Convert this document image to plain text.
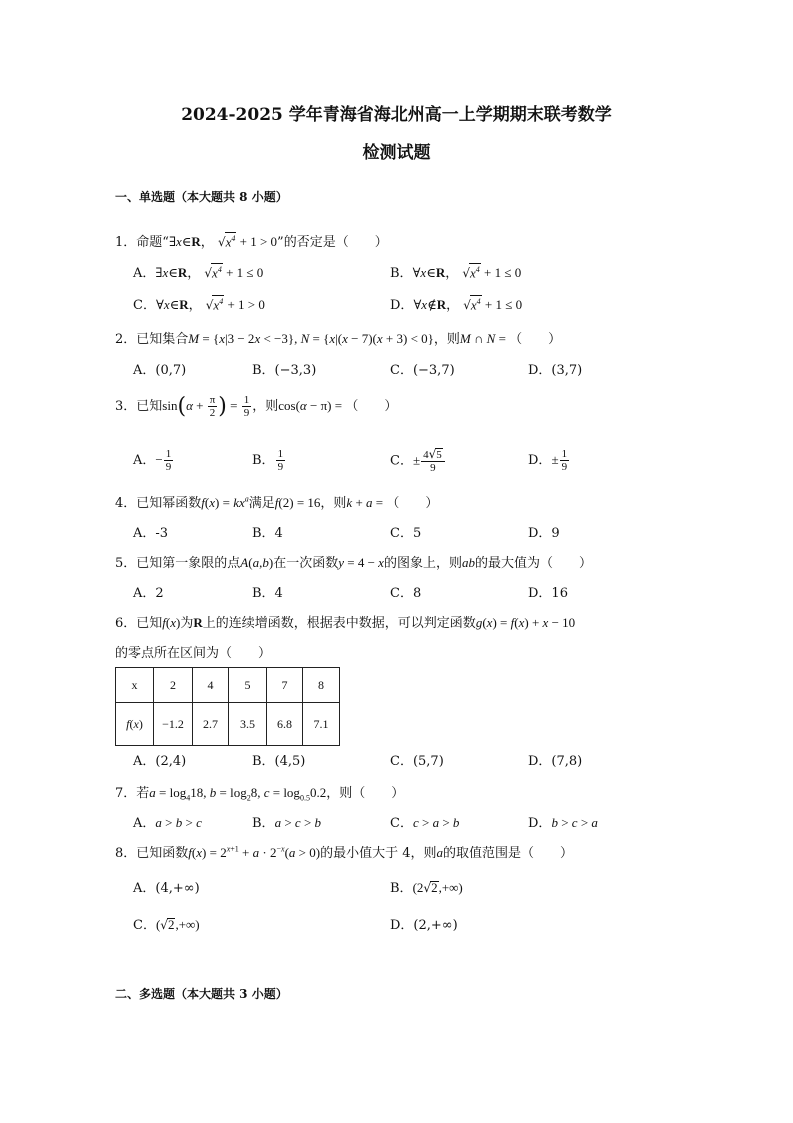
2024-2025 学年青海省海北州高一上学期期末联考数学
检测试题
一、单选题（本大题共 8 小题）
1．命题“∃x∈R， $√x^4 + 1 > 0$”的否定是（　　）
A．∃x∈R， $√x^4 + 1 \le 0$	B．∀x∈R， $√x^4 + 1 \le 0$
C．∀x∈R， $√x^4 + 1 > 0$	D．∀x∉R， $√x^4 + 1 \le 0$
2．已知集合M = {x|3 − 2x < −3}, N = {x|(x − 7)(x + 3) < 0}，则M ∩ N = （　　）
A．(0,7)	B．(−3,3)	C．(−3,7)	D．(3,7)
3．已知$\sin(\alpha + \frac{\pi}{2}$ ) = $\frac{1}{9}$ ，则cos(α − π) = （　　）
A．− $\frac{1}{9}$	B． $\frac{1}{9}$	C．± $\frac{4√5}{9}$	D．± $\frac{1}{9}$
4．已知幂函数$f(x) = kx^a$满足f(2) = 16，则k + a = （　　）
A．-3	B．4	C．5	D．9
5．已知第一象限的点A(a,b)在一次函数y = 4 − x的图象上，则ab的最大值为（　　）
A．2	B．4	C．8	D．16
6．已知f(x)为R上的连续增函数，根据表中数据，可以判定函数g(x) = f(x) + x − 10
的零点所在区间为（　　）
x	2	4	5	7	8
f(x)	−1.2	2.7	3.5	6.8	7.1
A．(2,4)	B．(4,5)	C．(5,7)	D．(7,8)
7．若$a = \log_418$, $b = \log_28$, $c = \log_{0.5}0.2$，则（　　）
A．a > b > c	B．a > c > b	C．c > a > b	D．b > c > a
8．已知函数$f(x) = 2^{x+1} + a \cdot 2^{-x}(a > 0)$的最小值大于 4，则a的取值范围是（　　）
A．(4,+∞)	B．(2√2,+∞)
C．(√2,+∞)	D．(2,+∞)
二、多选题（本大题共 3 小题）
